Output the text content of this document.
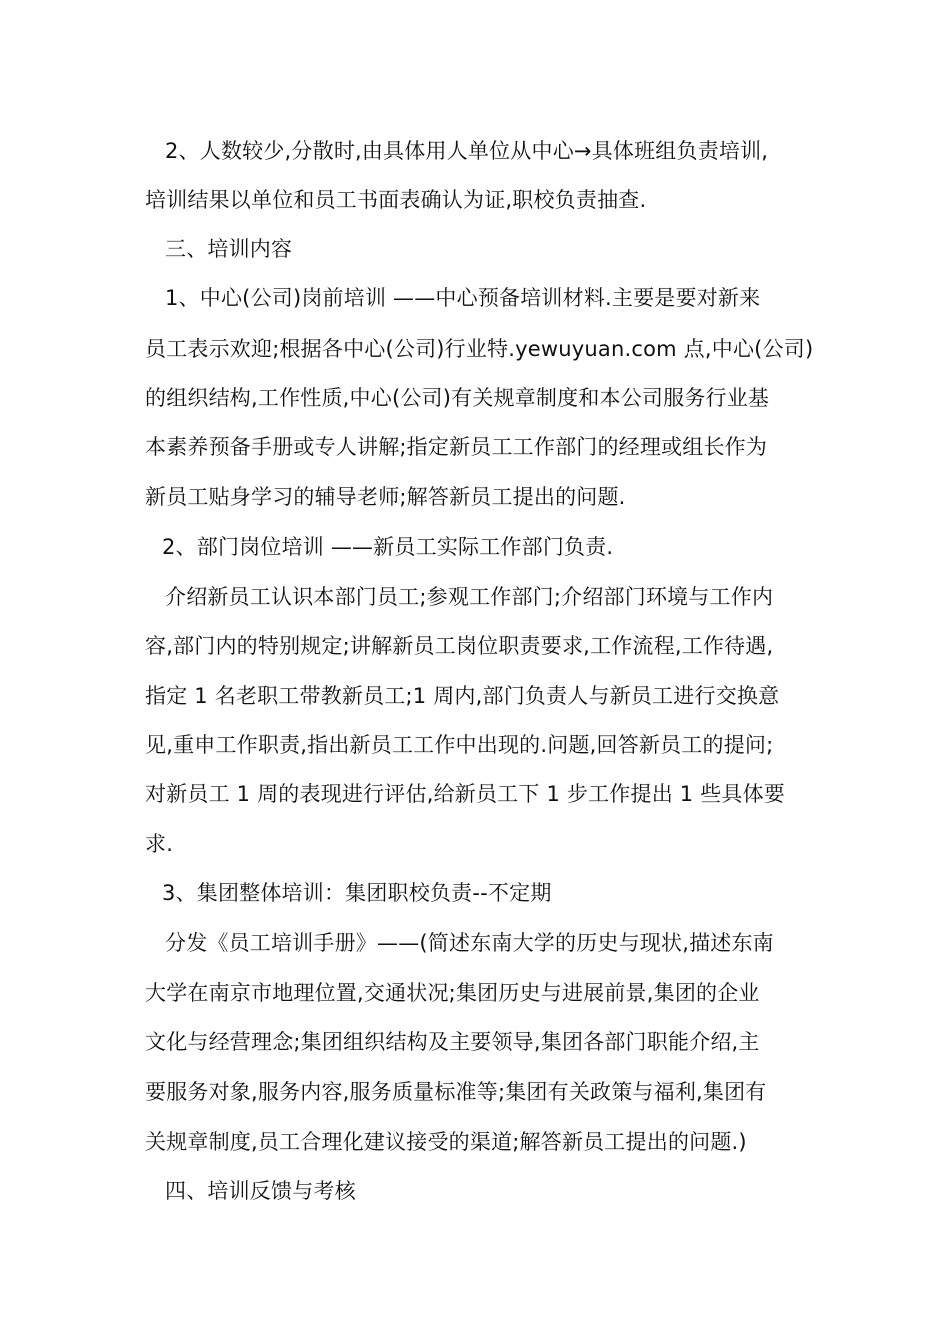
2、人数较少,分散时,由具体用人单位从中心→具体班组负责培训,
培训结果以单位和员工书面表确认为证,职校负责抽查.
三、培训内容
1、中心(公司)岗前培训 ——中心预备培训材料.主要是要对新来
员工表示欢迎;根据各中心(公司)行业特.yewuyuan.com 点,中心(公司)
的组织结构,工作性质,中心(公司)有关规章制度和本公司服务行业基
本素养预备手册或专人讲解;指定新员工工作部门的经理或组长作为
新员工贴身学习的辅导老师;解答新员工提出的问题.
2、部门岗位培训 ——新员工实际工作部门负责.
介绍新员工认识本部门员工;参观工作部门;介绍部门环境与工作内
容,部门内的特别规定;讲解新员工岗位职责要求,工作流程,工作待遇,
指定 1 名老职工带教新员工;1 周内,部门负责人与新员工进行交换意
见,重申工作职责,指出新员工工作中出现的.问题,回答新员工的提问;
对新员工 1 周的表现进行评估,给新员工下 1 步工作提出 1 些具体要
求.
3、集团整体培训：集团职校负责--不定期
分发《员工培训手册》——(简述东南大学的历史与现状,描述东南
大学在南京市地理位置,交通状况;集团历史与进展前景,集团的企业
文化与经营理念;集团组织结构及主要领导,集团各部门职能介绍,主
要服务对象,服务内容,服务质量标准等;集团有关政策与福利,集团有
关规章制度,员工合理化建议接受的渠道;解答新员工提出的问题.)
四、培训反馈与考核
